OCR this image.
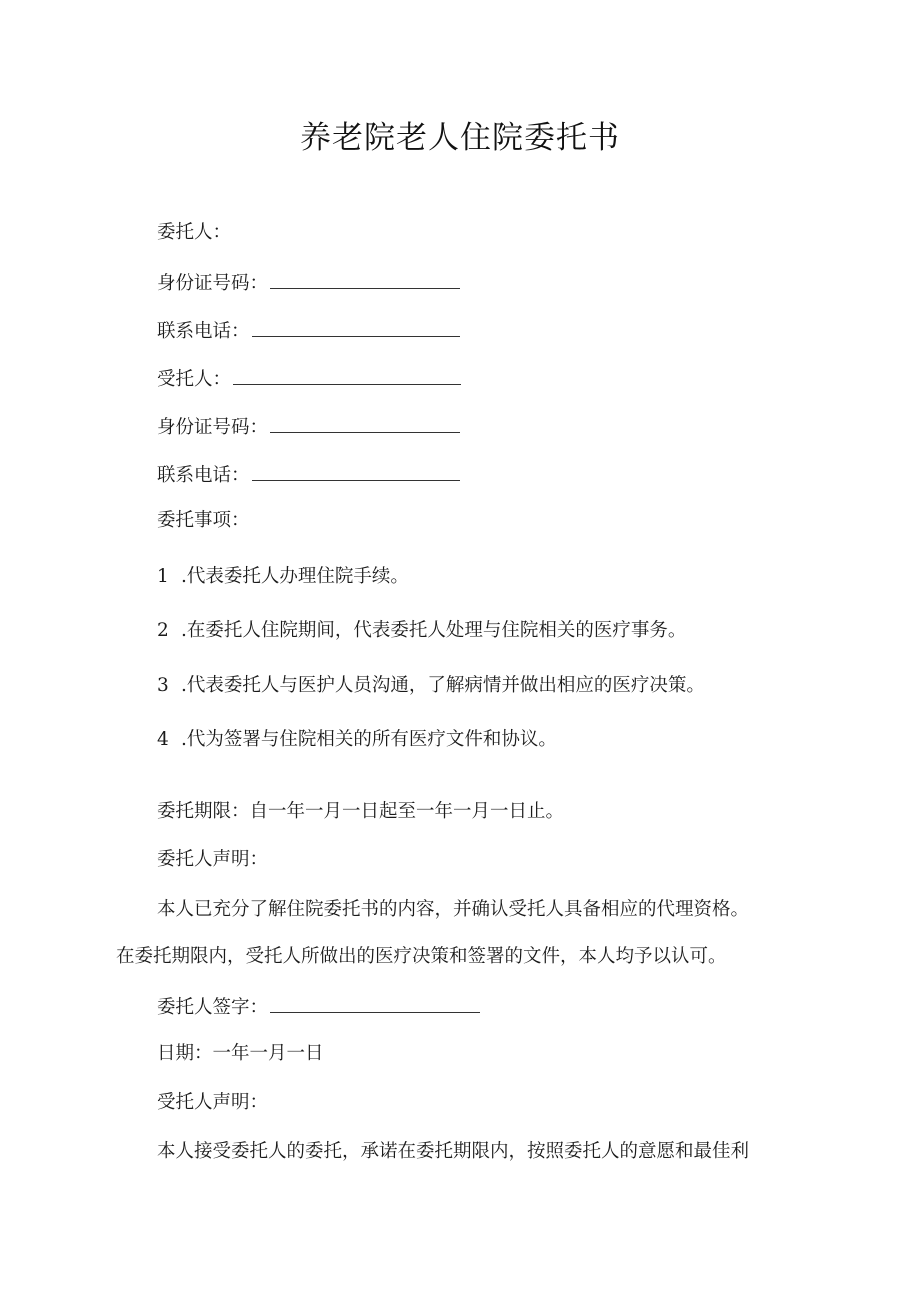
养老院老人住院委托书
委托人：
身份证号码：
联系电话：
受托人：
身份证号码：
联系电话：
委托事项：
1 .代表委托人办理住院手续。
2 .在委托人住院期间，代表委托人处理与住院相关的医疗事务。
3 .代表委托人与医护人员沟通，了解病情并做出相应的医疗决策。
4 .代为签署与住院相关的所有医疗文件和协议。
委托期限：自一年一月一日起至一年一月一日止。
委托人声明：
本人已充分了解住院委托书的内容，并确认受托人具备相应的代理资格。
在委托期限内，受托人所做出的医疗决策和签署的文件，本人均予以认可。
委托人签字：
日期：一年一月一日
受托人声明：
本人接受委托人的委托，承诺在委托期限内，按照委托人的意愿和最佳利
